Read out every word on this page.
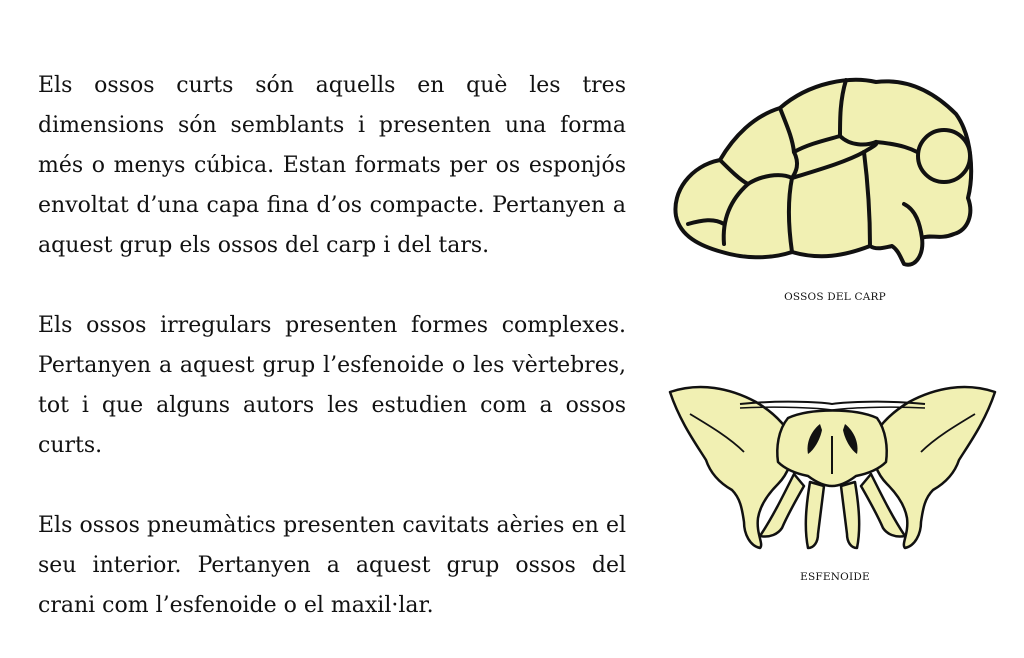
Els ossos curts són aquells en què les tres dimensions són semblants i presenten una forma més o menys cúbica. Estan formats per os esponjós envoltat d’una capa fina d’os compacte. Pertanyen a aquest grup els ossos del carp i del tars.

Els ossos irregulars presenten formes complexes. Pertanyen a aquest grup l’esfenoide o les vèrtebres, tot i que alguns autors les estudien com a ossos curts.

Els ossos pneumàtics presenten cavitats aèries en el seu interior. Pertanyen a aquest grup ossos del crani com l’esfenoide o el maxil·lar.

OSSOS DEL CARP
ESFENOIDE
